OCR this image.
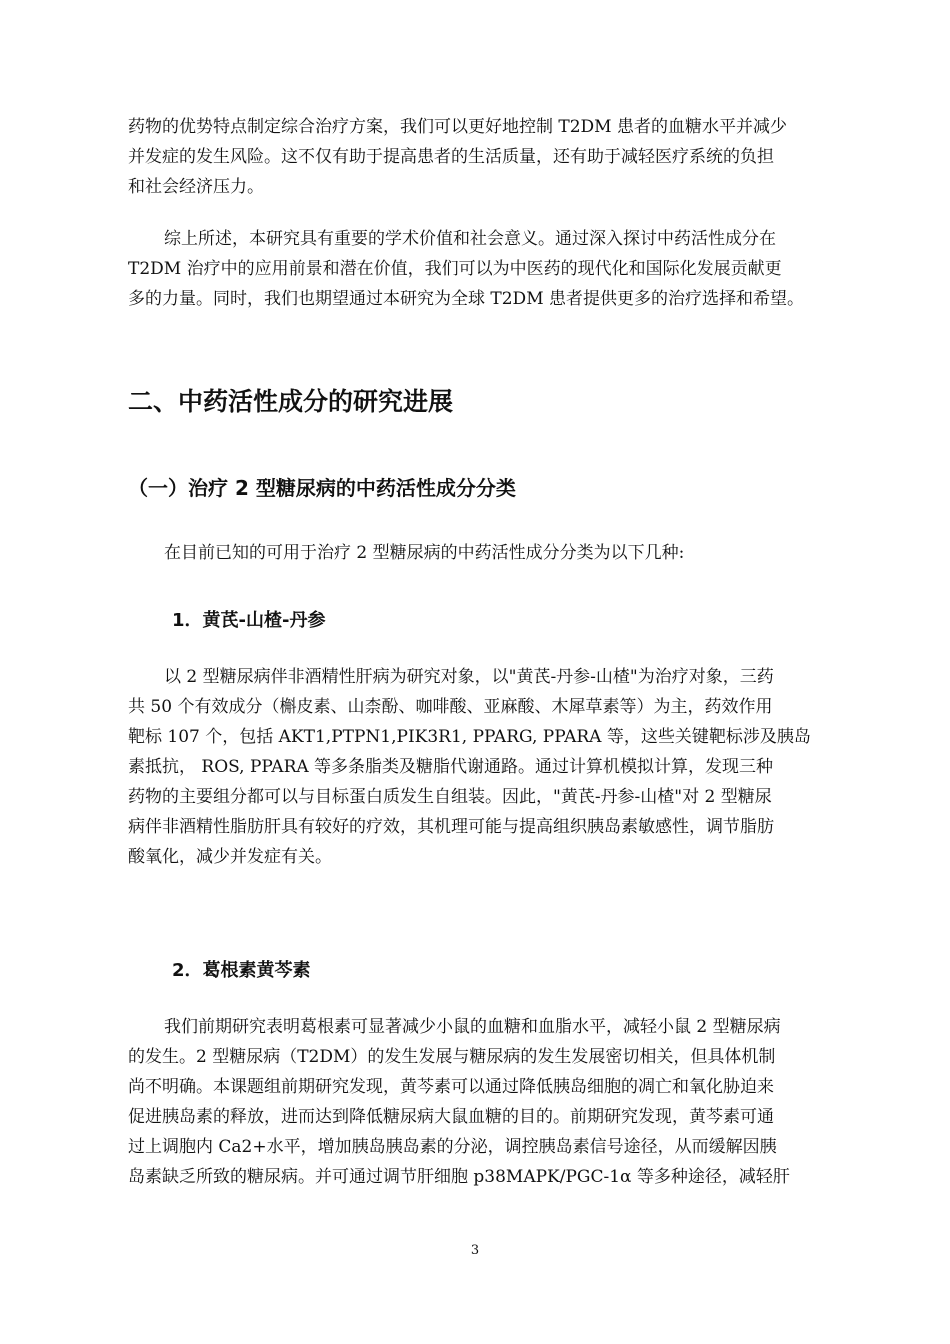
药物的优势特点制定综合治疗方案，我们可以更好地控制 T2DM 患者的血糖水平并减少
并发症的发生风险。这不仅有助于提高患者的生活质量，还有助于减轻医疗系统的负担
和社会经济压力。
综上所述，本研究具有重要的学术价值和社会意义。通过深入探讨中药活性成分在
T2DM 治疗中的应用前景和潜在价值，我们可以为中医药的现代化和国际化发展贡献更
多的力量。同时，我们也期望通过本研究为全球 T2DM 患者提供更多的治疗选择和希望。
二、中药活性成分的研究进展
（一）治疗 2 型糖尿病的中药活性成分分类
在目前已知的可用于治疗 2 型糖尿病的中药活性成分分类为以下几种:
1．黄芪-山楂-丹参
以 2 型糖尿病伴非酒精性肝病为研究对象，以"黄芪-丹参-山楂"为治疗对象，三药
共 50 个有效成分（槲皮素、山柰酚、咖啡酸、亚麻酸、木犀草素等）为主，药效作用
靶标 107 个，包括 AKT1,PTPN1,PIK3R1, PPARG, PPARA 等，这些关键靶标涉及胰岛
素抵抗， ROS, PPARA 等多条脂类及糖脂代谢通路。通过计算机模拟计算，发现三种
药物的主要组分都可以与目标蛋白质发生自组装。因此，"黄芪-丹参-山楂"对 2 型糖尿
病伴非酒精性脂肪肝具有较好的疗效，其机理可能与提高组织胰岛素敏感性，调节脂肪
酸氧化，减少并发症有关。
2．葛根素黄芩素
我们前期研究表明葛根素可显著减少小鼠的血糖和血脂水平，减轻小鼠 2 型糖尿病
的发生。2 型糖尿病（T2DM）的发生发展与糖尿病的发生发展密切相关，但具体机制
尚不明确。本课题组前期研究发现，黄芩素可以通过降低胰岛细胞的凋亡和氧化胁迫来
促进胰岛素的释放，进而达到降低糖尿病大鼠血糖的目的。前期研究发现，黄芩素可通
过上调胞内 Ca2+水平，增加胰岛胰岛素的分泌，调控胰岛素信号途径，从而缓解因胰
岛素缺乏所致的糖尿病。并可通过调节肝细胞 p38MAPK/PGC-1α 等多种途径，减轻肝
3
